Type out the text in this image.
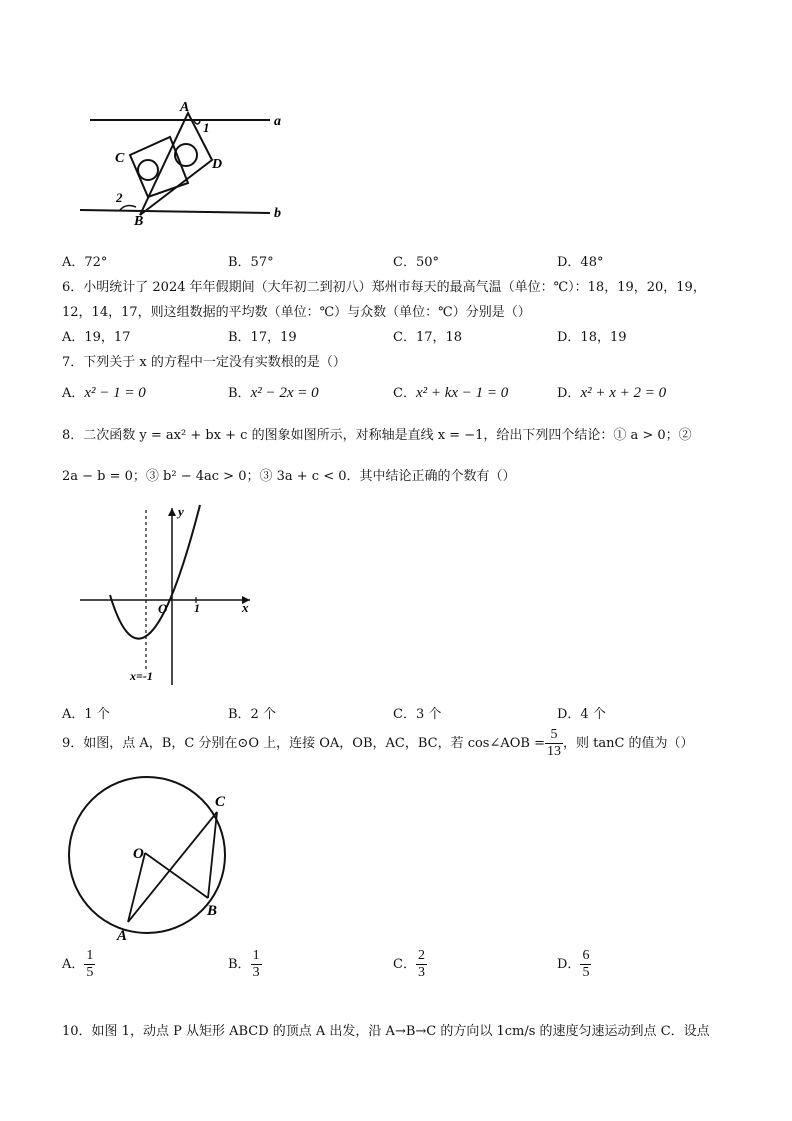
A
a
1
C	D
2
B
b
A．72°	B．57°	C．50°	D．48°
6．小明统计了 2024 年年假期间（大年初二到初八）郑州市每天的最高气温（单位：℃）：18，19，20，19，
12，14，17，则这组数据的平均数（单位：℃）与众数（单位：℃）分别是（）
A．19，17	B．17，19	C．17，18	D．18，19
7．下列关于 x 的方程中一定没有实数根的是（）
A．x² − 1 = 0	B．x² − 2x = 0	C．x² + kx − 1 = 0	D．x² + x + 2 = 0
8．二次函数 y = ax² + bx + c 的图象如图所示，对称轴是直线 x = −1，给出下列四个结论：① a > 0；②
2a − b = 0；③ b² − 4ac > 0；③ 3a + c < 0．其中结论正确的个数有（）
y
x
O 1
x=-1
A．1 个	B．2 个	C．3 个	D．4 个
9．如图，点 A，B，C 分别在⊙O 上，连接 OA，OB，AC，BC，若 cos∠AOB = $\frac{5}{13}$ ，则 tanC 的值为（）
O
C
B
A
A． $\frac{1}{5}$	B． $\frac{1}{3}$	C． $\frac{2}{3}$	D． $\frac{6}{5}$
10．如图 1，动点 P 从矩形 ABCD 的顶点 A 出发，沿 A→B→C 的方向以 1cm/s 的速度匀速运动到点 C．设点
